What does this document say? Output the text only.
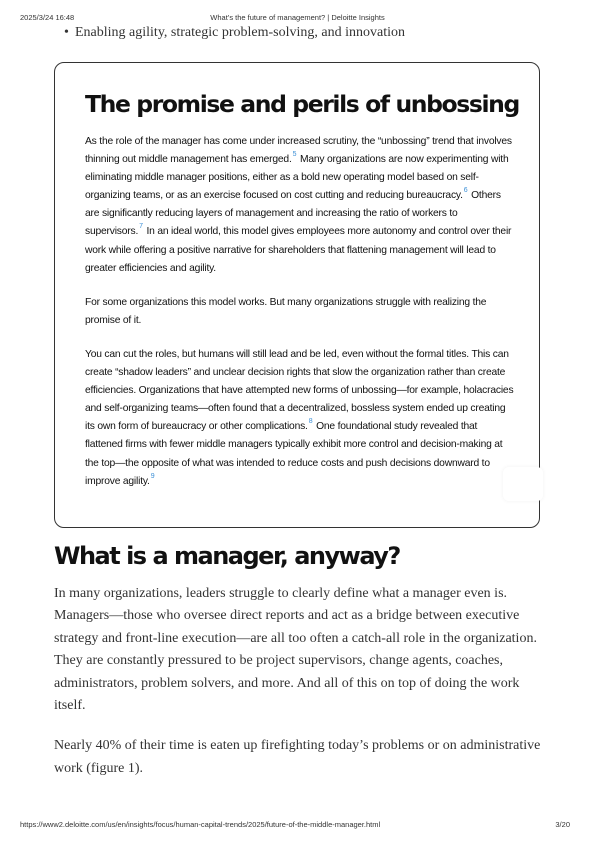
2025/3/24 16:48	What’s the future of management? | Deloitte Insights
• Enabling agility, strategic problem-solving, and innovation
The promise and perils of unbossing

As the role of the manager has come under increased scrutiny, the “unbossing” trend that involves thinning out middle management has emerged.$^5$ Many organizations are now experimenting with eliminating middle manager positions, either as a bold new operating model based on self-organizing teams, or as an exercise focused on cost cutting and reducing bureaucracy.$^6$ Others are significantly reducing layers of management and increasing the ratio of workers to supervisors.$^7$ In an ideal world, this model gives employees more autonomy and control over their work while offering a positive narrative for shareholders that flattening management will lead to greater efficiencies and agility.

For some organizations this model works. But many organizations struggle with realizing the promise of it.

You can cut the roles, but humans will still lead and be led, even without the formal titles. This can create “shadow leaders” and unclear decision rights that slow the organization rather than create efficiencies. Organizations that have attempted new forms of unbossing—for example, holacracies and self-organizing teams—often found that a decentralized, bossless system ended up creating its own form of bureaucracy or other complications.$^8$ One foundational study revealed that flattened firms with fewer middle managers typically exhibit more control and decision-making at the top—the opposite of what was intended to reduce costs and push decisions downward to improve agility.$^9$

What is a manager, anyway?

In many organizations, leaders struggle to clearly define what a manager even is. Managers—those who oversee direct reports and act as a bridge between executive strategy and front-line execution—are all too often a catch-all role in the organization. They are constantly pressured to be project supervisors, change agents, coaches, administrators, problem solvers, and more. And all of this on top of doing the work itself.

Nearly 40% of their time is eaten up firefighting today’s problems or on administrative work (figure 1).

https://www2.deloitte.com/us/en/insights/focus/human-capital-trends/2025/future-of-the-middle-manager.html	3/20
